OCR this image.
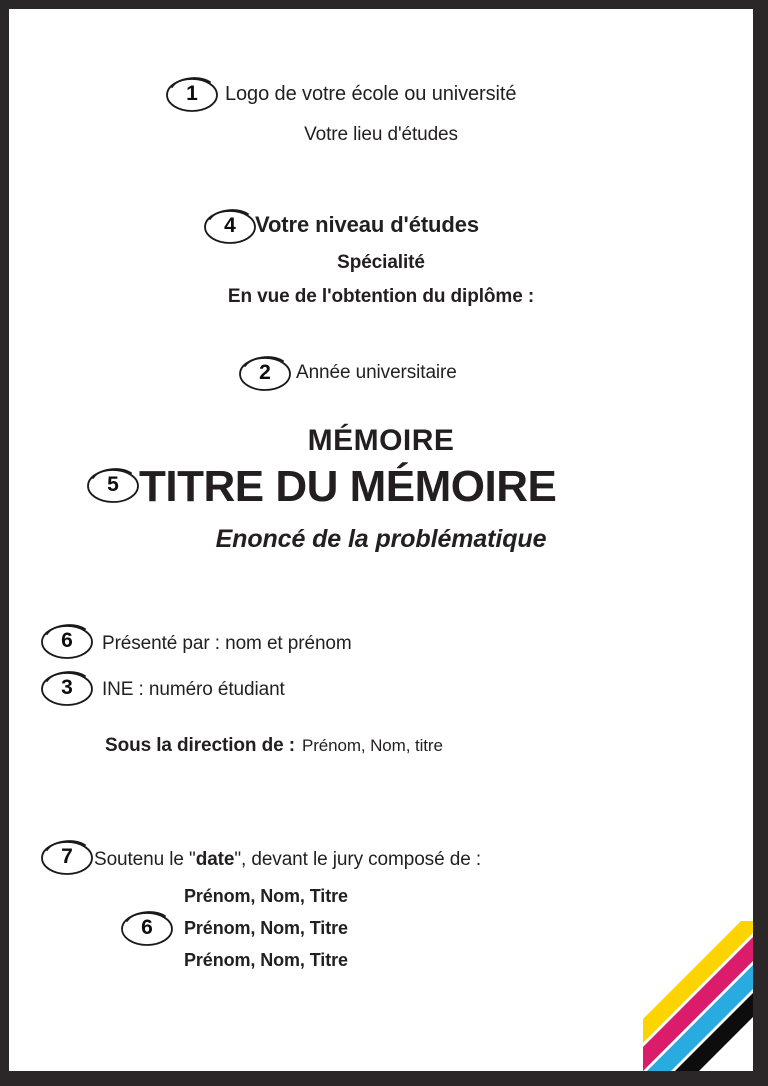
1	Logo de votre école ou université
Votre lieu d'études
4 Votre niveau d'études
Spécialité
En vue de l'obtention du diplôme :
2	Année universitaire
MÉMOIRE
5 TITRE DU MÉMOIRE
Enoncé de la problématique
6	Présenté par : nom et prénom
3	INE : numéro étudiant
Sous la direction de : Prénom, Nom, titre
7	Soutenu le "date", devant le jury composé de :
6
Prénom, Nom, Titre
Prénom, Nom, Titre
Prénom, Nom, Titre
